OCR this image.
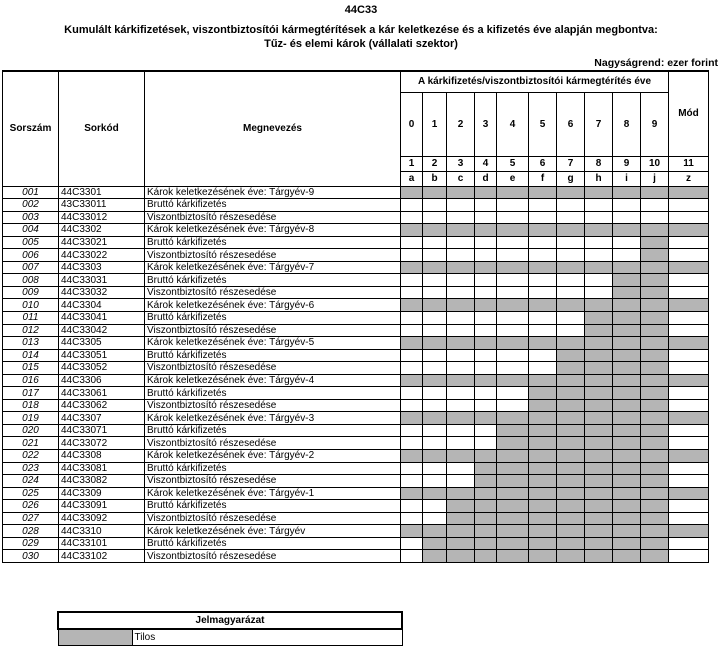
44C33
Kumulált kárkifizetések, viszontbiztosítói kármegtérítések a kár keletkezése és a kifizetés éve alapján megbontva:
Tűz- és elemi károk (vállalati szektor)
Nagyságrend: ezer forint
Sorszám	Sorkód	Megnevezés	A kárkifizetés/viszontbiztosítói kármegtérítés éve										Mód
			0	1	2	3	4	5	6	7	8	9	
			1	2	3	4	5	6	7	8	9	10	11
			a	b	c	d	e	f	g	h	i	j	z
001	44C3301	Károk keletkezésének éve: Tárgyév-9											
002	43C33011	Bruttó kárkifizetés											
003	44C33012	Viszontbiztosító részesedése											
004	44C3302	Károk keletkezésének éve: Tárgyév-8											
005	44C33021	Bruttó kárkifizetés											
006	44C33022	Viszontbiztosító részesedése											
007	44C3303	Károk keletkezésének éve: Tárgyév-7											
008	44C33031	Bruttó kárkifizetés											
009	44C33032	Viszontbiztosító részesedése											
010	44C3304	Károk keletkezésének éve: Tárgyév-6											
011	44C33041	Bruttó kárkifizetés											
012	44C33042	Viszontbiztosító részesedése											
013	44C3305	Károk keletkezésének éve: Tárgyév-5											
014	44C33051	Bruttó kárkifizetés											
015	44C33052	Viszontbiztosító részesedése											
016	44C3306	Károk keletkezésének éve: Tárgyév-4											
017	44C33061	Bruttó kárkifizetés											
018	44C33062	Viszontbiztosító részesedése											
019	44C3307	Károk keletkezésének éve: Tárgyév-3											
020	44C33071	Bruttó kárkifizetés											
021	44C33072	Viszontbiztosító részesedése											
022	44C3308	Károk keletkezésének éve: Tárgyév-2											
023	44C33081	Bruttó kárkifizetés											
024	44C33082	Viszontbiztosító részesedése											
025	44C3309	Károk keletkezésének éve: Tárgyév-1											
026	44C33091	Bruttó kárkifizetés											
027	44C33092	Viszontbiztosító részesedése											
028	44C3310	Károk keletkezésének éve: Tárgyév											
029	44C33101	Bruttó kárkifizetés											
030	44C33102	Viszontbiztosító részesedése											
Jelmagyarázat
	Tilos
